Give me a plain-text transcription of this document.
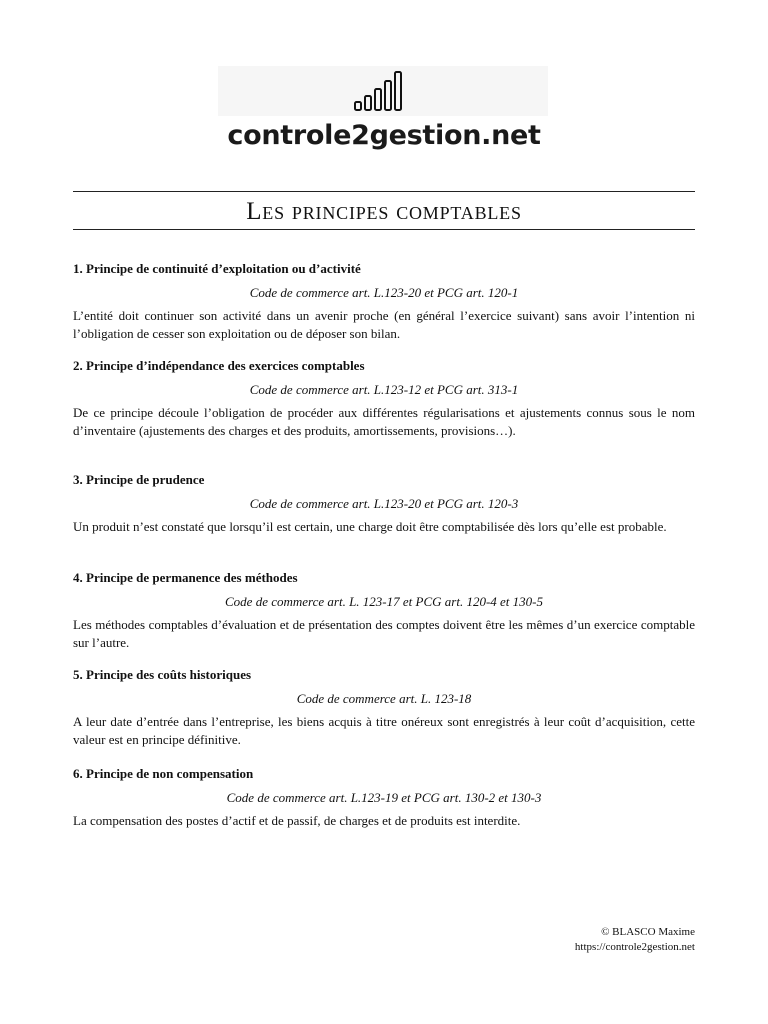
controle2gestion.net
Les principes comptables
1. Principe de continuité d’exploitation ou d’activité
Code de commerce art. L.123-20 et PCG art. 120-1

L’entité doit continuer son activité dans un avenir proche (en général l’exercice suivant) sans avoir l’intention ni l’obligation de cesser son exploitation ou de déposer son bilan.

2. Principe d’indépendance des exercices comptables
Code de commerce art. L.123-12 et PCG art. 313-1

De ce principe découle l’obligation de procéder aux différentes régularisations et ajustements connus sous le nom d’inventaire (ajustements des charges et des produits, amortissements, provisions…).

3. Principe de prudence
Code de commerce art. L.123-20 et PCG art. 120-3

Un produit n’est constaté que lorsqu’il est certain, une charge doit être comptabilisée dès lors qu’elle est probable.

4. Principe de permanence des méthodes
Code de commerce art. L. 123-17 et PCG art. 120-4 et 130-5

Les méthodes comptables d’évaluation et de présentation des comptes doivent être les mêmes d’un exercice comptable sur l’autre.

5. Principe des coûts historiques
Code de commerce art. L. 123-18

A leur date d’entrée dans l’entreprise, les biens acquis à titre onéreux sont enregistrés à leur coût d’acquisition, cette valeur est en principe définitive.

6. Principe de non compensation
Code de commerce art. L.123-19 et PCG art. 130-2 et 130-3

La compensation des postes d’actif et de passif, de charges et de produits est interdite.

© BLASCO Maxime
https://controle2gestion.net
